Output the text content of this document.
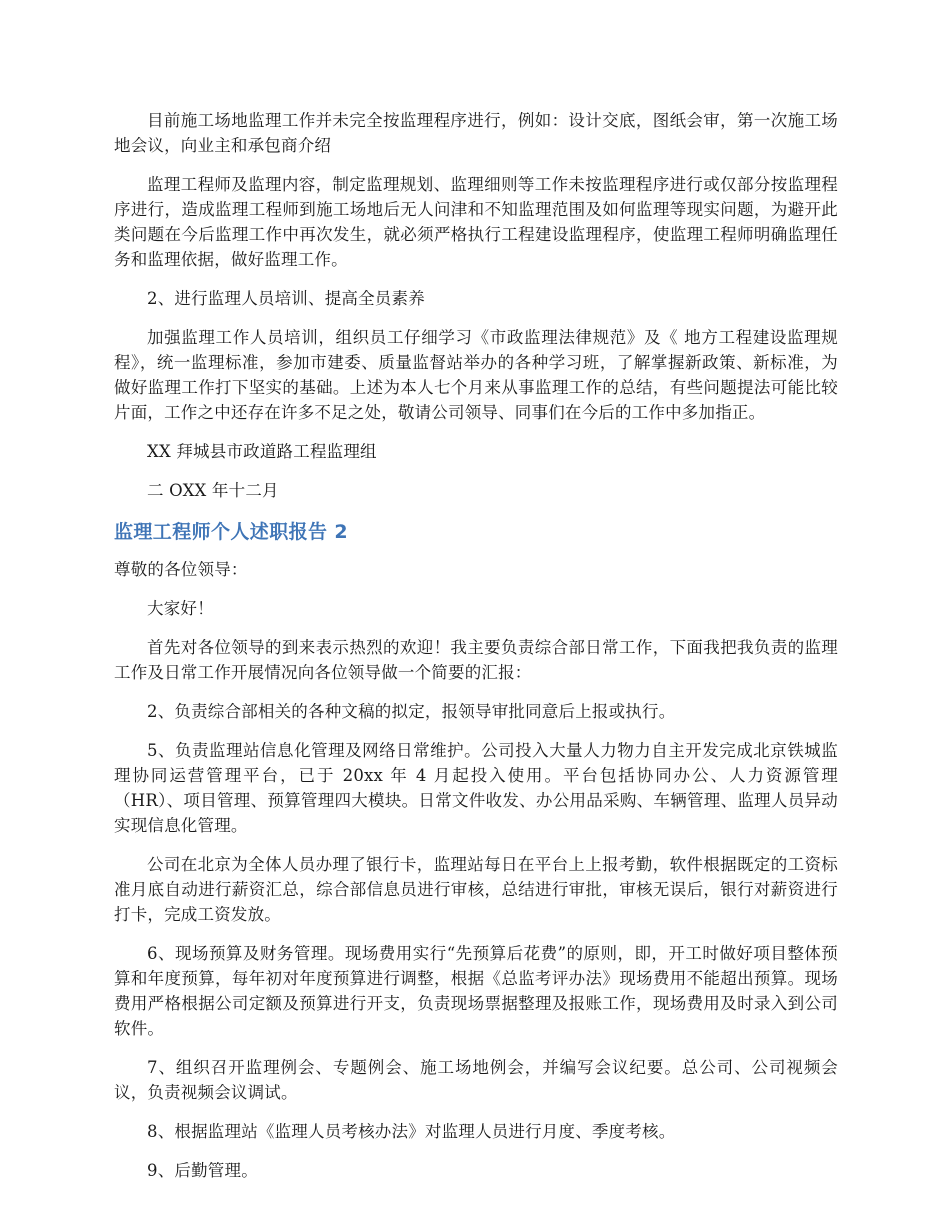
目前施工场地监理工作并未完全按监理程序进行，例如：设计交底，图纸会审，第一次施工场地会议，向业主和承包商介绍

监理工程师及监理内容，制定监理规划、监理细则等工作未按监理程序进行或仅部分按监理程序进行，造成监理工程师到施工场地后无人问津和不知监理范围及如何监理等现实问题，为避开此类问题在今后监理工作中再次发生，就必须严格执行工程建设监理程序，使监理工程师明确监理任务和监理依据，做好监理工作。

2、进行监理人员培训、提高全员素养

加强监理工作人员培训，组织员工仔细学习《市政监理法律规范》及《 地方工程建设监理规程》，统一监理标准，参加市建委、质量监督站举办的各种学习班，了解掌握新政策、新标准，为做好监理工作打下坚实的基础。上述为本人七个月来从事监理工作的总结，有些问题提法可能比较片面，工作之中还存在许多不足之处，敬请公司领导、同事们在今后的工作中多加指正。

XX 拜城县市政道路工程监理组

二 OXX 年十二月

监理工程师个人述职报告 2

尊敬的各位领导：

大家好！

首先对各位领导的到来表示热烈的欢迎！我主要负责综合部日常工作，下面我把我负责的监理工作及日常工作开展情况向各位领导做一个简要的汇报：

2、负责综合部相关的各种文稿的拟定，报领导审批同意后上报或执行。

5、负责监理站信息化管理及网络日常维护。公司投入大量人力物力自主开发完成北京铁城监理协同运营管理平台，已于 20xx 年 4 月起投入使用。平台包括协同办公、人力资源管理（HR）、项目管理、预算管理四大模块。日常文件收发、办公用品采购、车辆管理、监理人员异动实现信息化管理。

公司在北京为全体人员办理了银行卡，监理站每日在平台上上报考勤，软件根据既定的工资标准月底自动进行薪资汇总，综合部信息员进行审核，总结进行审批，审核无误后，银行对薪资进行打卡，完成工资发放。

6、现场预算及财务管理。现场费用实行“先预算后花费”的原则，即，开工时做好项目整体预算和年度预算，每年初对年度预算进行调整，根据《总监考评办法》现场费用不能超出预算。现场费用严格根据公司定额及预算进行开支，负责现场票据整理及报账工作，现场费用及时录入到公司软件。

7、组织召开监理例会、专题例会、施工场地例会，并编写会议纪要。总公司、公司视频会议，负责视频会议调试。

8、根据监理站《监理人员考核办法》对监理人员进行月度、季度考核。

9、后勤管理。
